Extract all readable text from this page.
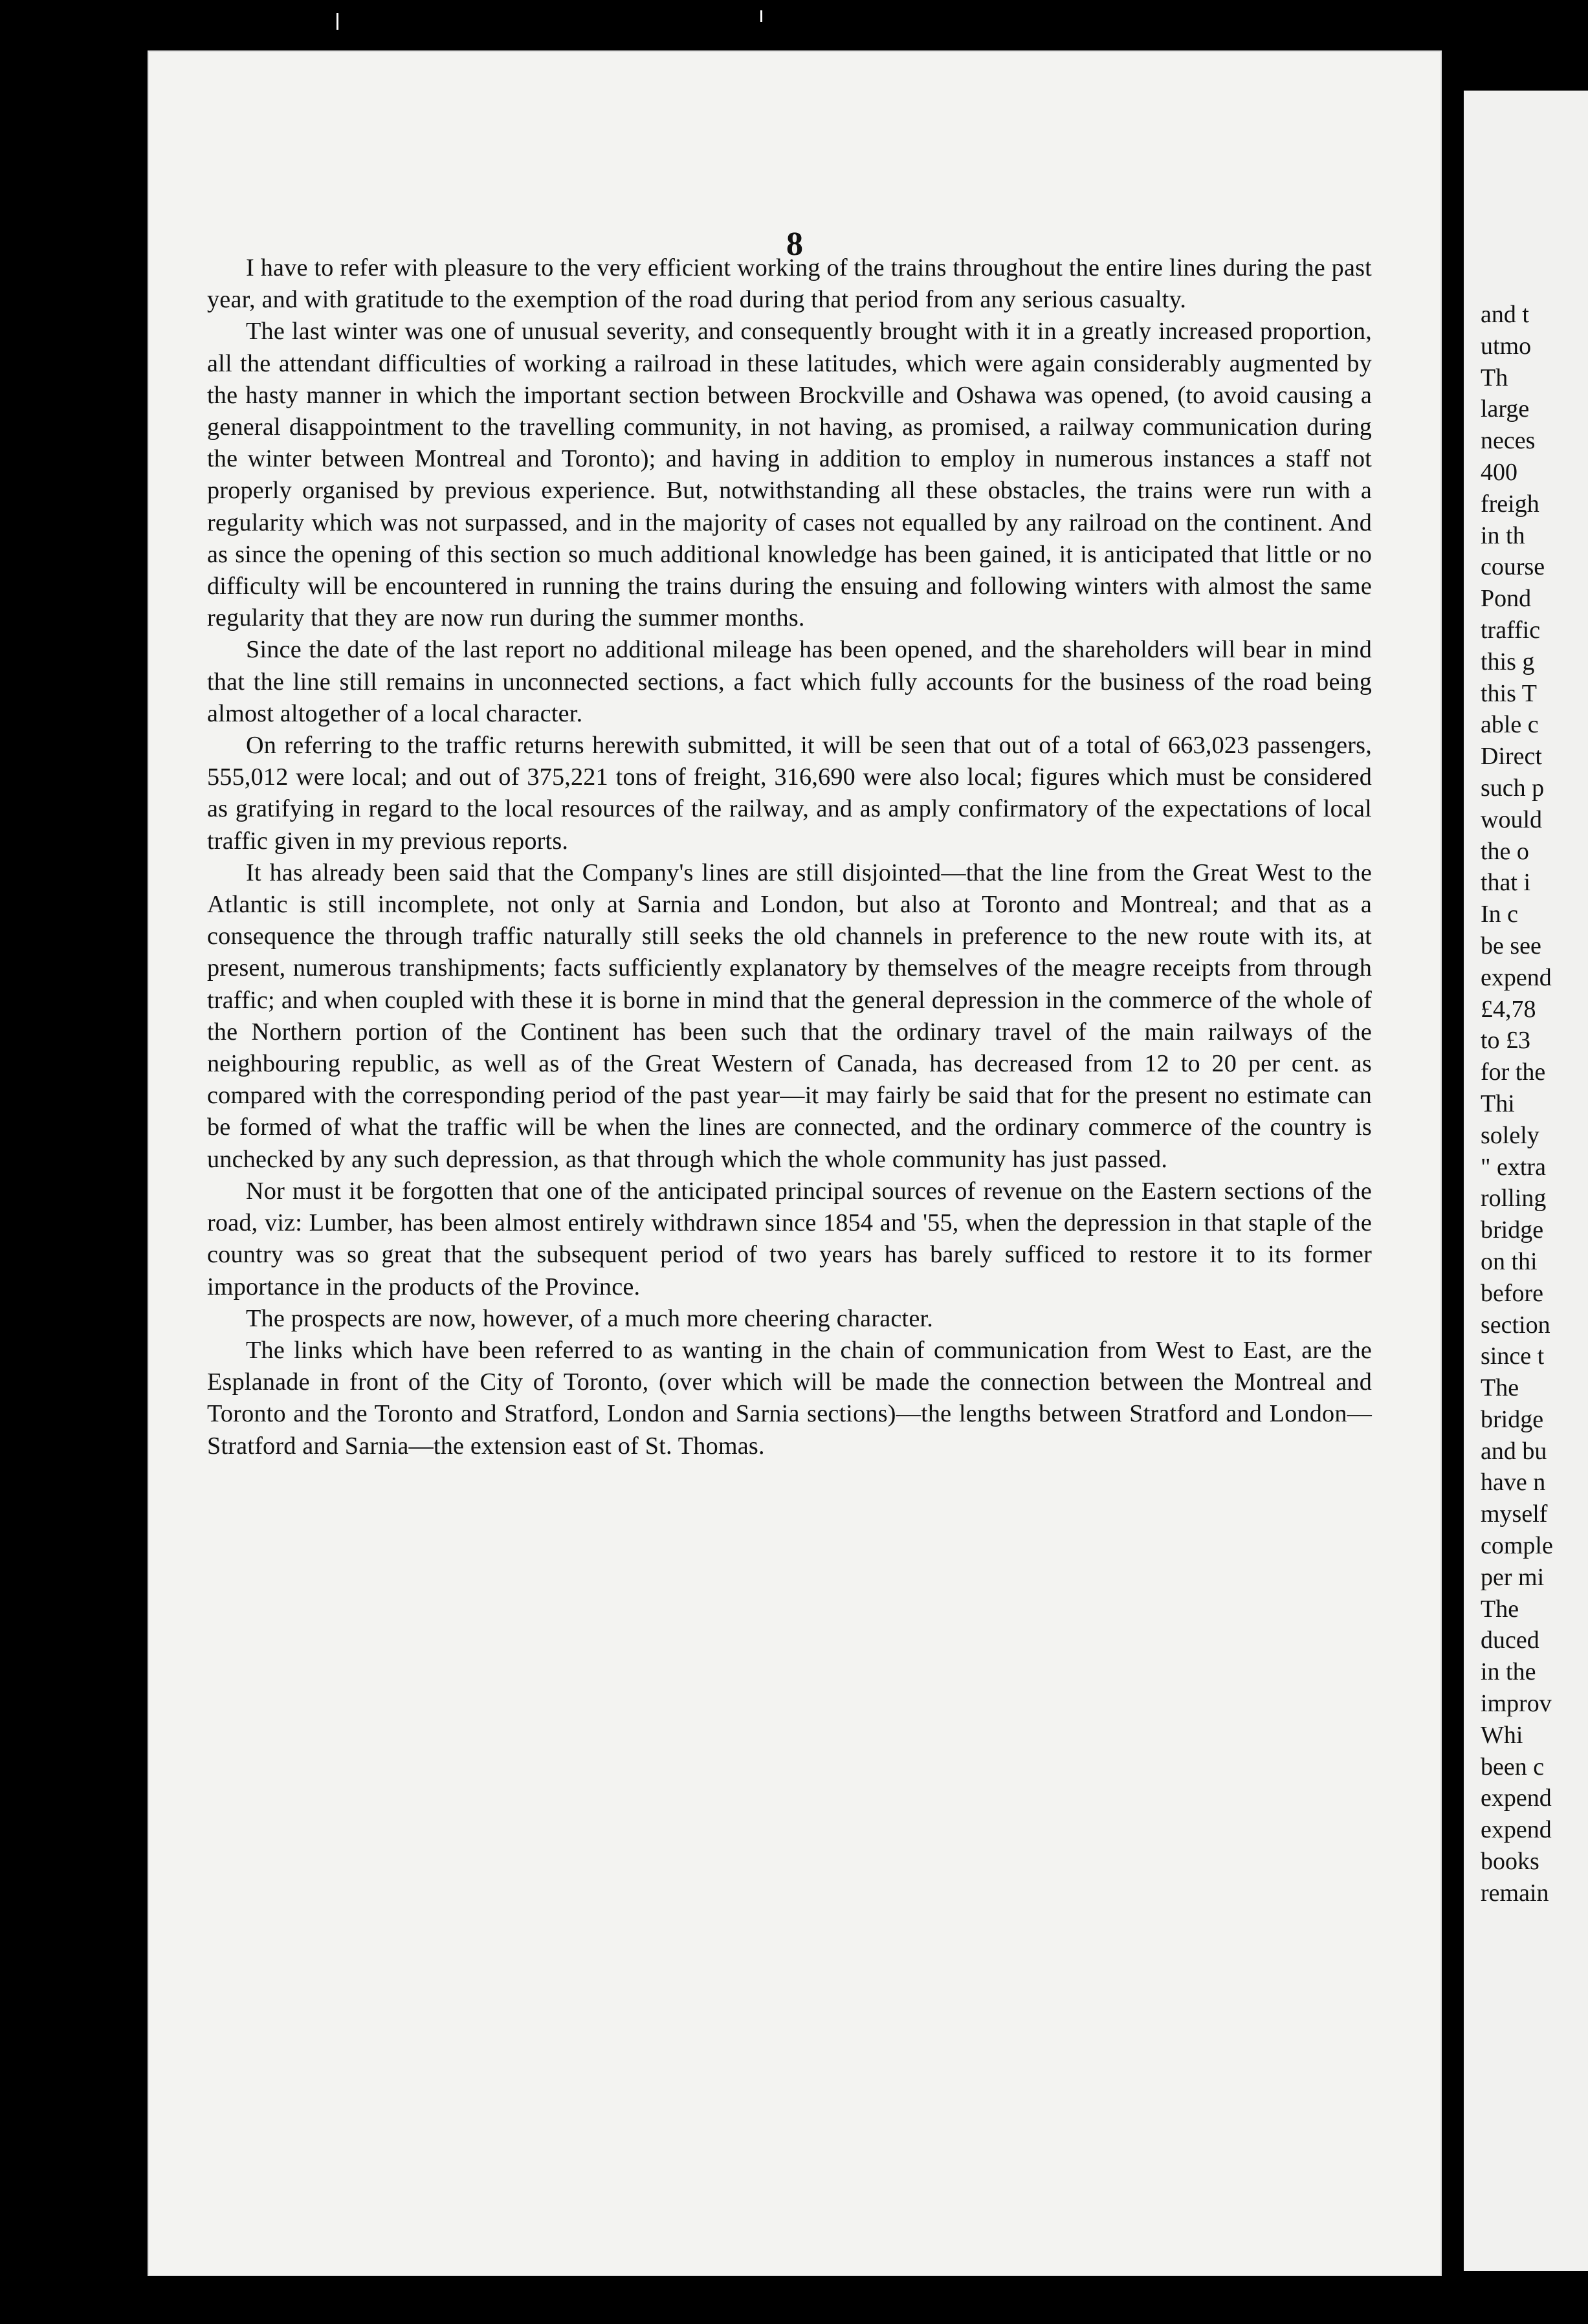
8

I have to refer with pleasure to the very efficient working of the trains throughout the entire lines during the past year, and with gratitude to the exemption of the road during that period from any serious casualty.

The last winter was one of unusual severity, and consequently brought with it in a greatly increased proportion, all the attendant difficulties of working a railroad in these latitudes, which were again considerably augmented by the hasty manner in which the important section between Brockville and Oshawa was opened, (to avoid causing a general disappointment to the travelling community, in not having, as promised, a railway communication during the winter between Montreal and Toronto); and having in addition to employ in numerous instances a staff not properly organised by previous experience. But, notwithstanding all these obstacles, the trains were run with a regularity which was not surpassed, and in the majority of cases not equalled by any railroad on the continent. And as since the opening of this section so much additional knowledge has been gained, it is anticipated that little or no difficulty will be encountered in running the trains during the ensuing and following winters with almost the same regularity that they are now run during the summer months.

Since the date of the last report no additional mileage has been opened, and the shareholders will bear in mind that the line still remains in unconnected sections, a fact which fully accounts for the business of the road being almost altogether of a local character.

On referring to the traffic returns herewith submitted, it will be seen that out of a total of 663,023 passengers, 555,012 were local; and out of 375,221 tons of freight, 316,690 were also local; figures which must be considered as gratifying in regard to the local resources of the railway, and as amply confirmatory of the expectations of local traffic given in my previous reports.

It has already been said that the Company's lines are still disjointed—that the line from the Great West to the Atlantic is still incomplete, not only at Sarnia and London, but also at Toronto and Montreal; and that as a consequence the through traffic naturally still seeks the old channels in preference to the new route with its, at present, numerous transhipments; facts sufficiently explanatory by themselves of the meagre receipts from through traffic; and when coupled with these it is borne in mind that the general depression in the commerce of the whole of the Northern portion of the Continent has been such that the ordinary travel of the main railways of the neighbouring republic, as well as of the Great Western of Canada, has decreased from 12 to 20 per cent. as compared with the corresponding period of the past year—it may fairly be said that for the present no estimate can be formed of what the traffic will be when the lines are connected, and the ordinary commerce of the country is unchecked by any such depression, as that through which the whole community has just passed.

Nor must it be forgotten that one of the anticipated principal sources of revenue on the Eastern sections of the road, viz: Lumber, has been almost entirely withdrawn since 1854 and '55, when the depression in that staple of the country was so great that the subsequent period of two years has barely sufficed to restore it to its former importance in the products of the Province.

The prospects are now, however, of a much more cheering character.

The links which have been referred to as wanting in the chain of communication from West to East, are the Esplanade in front of the City of Toronto, (over which will be made the connection between the Montreal and Toronto and the Toronto and Stratford, London and Sarnia sections)—the lengths between Stratford and London—Stratford and Sarnia—the extension east of St. Thomas.

and t
utmo
Th
large
neces
400
freigh
in th
course
Pond
traffic
this g
this T
able c
Direct
such p
would
the o
that i
In c
be see
expend
£4,78
to £3
for the
Thi
solely
" extra
rolling
bridge
on thi
before
section
since t
The
bridge
and bu
have n
myself
comple
per mi
The
duced
in the
improv
Whi
been c
expend
expend
books
remain
